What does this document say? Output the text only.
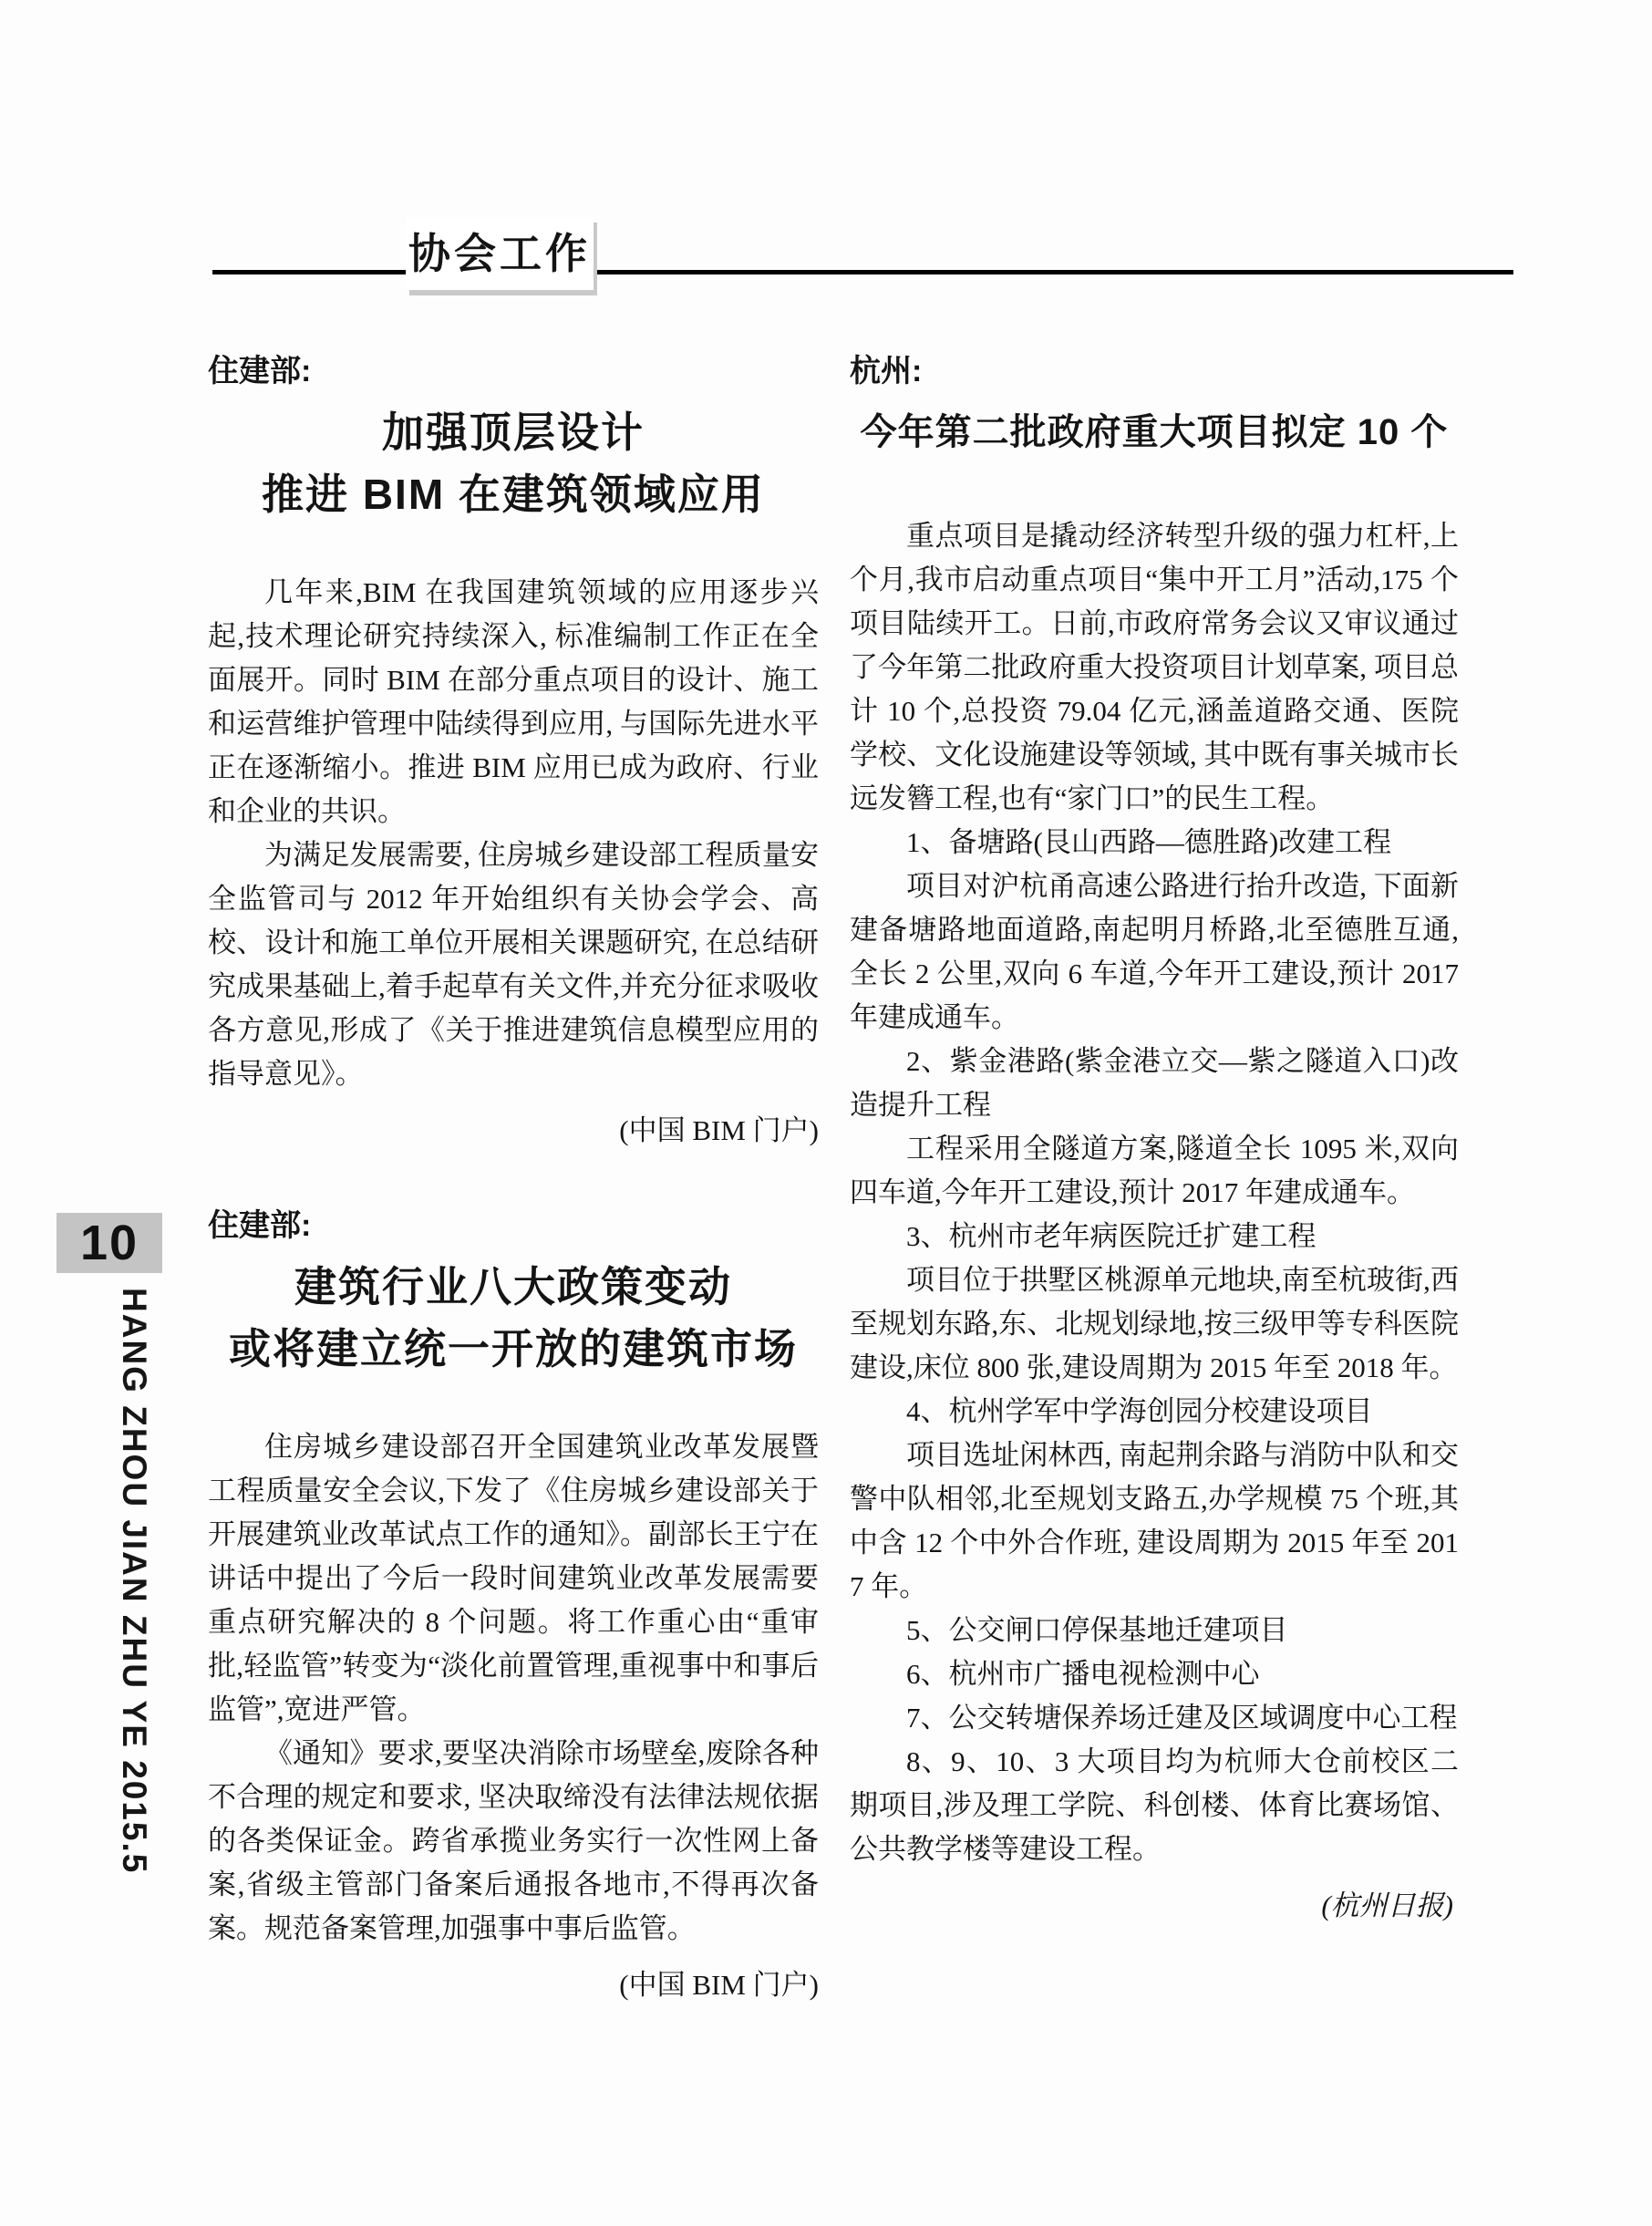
协会工作
10
HANG ZHOU JIAN ZHU YE 2015.5
住建部:
加强顶层设计
推进 BIM 在建筑领域应用

几年来,BIM 在我国建筑领域的应用逐步兴起,技术理论研究持续深入, 标准编制工作正在全面展开。同时 BIM 在部分重点项目的设计、施工和运营维护管理中陆续得到应用, 与国际先进水平正在逐渐缩小。推进 BIM 应用已成为政府、行业和企业的共识。

为满足发展需要, 住房城乡建设部工程质量安全监管司与 2012 年开始组织有关协会学会、高校、设计和施工单位开展相关课题研究, 在总结研究成果基础上,着手起草有关文件,并充分征求吸收各方意见,形成了《关于推进建筑信息模型应用的指导意见》。

(中国 BIM 门户)
住建部:
建筑行业八大政策变动
或将建立统一开放的建筑市场

住房城乡建设部召开全国建筑业改革发展暨工程质量安全会议,下发了《住房城乡建设部关于开展建筑业改革试点工作的通知》。副部长王宁在讲话中提出了今后一段时间建筑业改革发展需要重点研究解决的 8 个问题。将工作重心由“重审批,轻监管”转变为“淡化前置管理,重视事中和事后监管”,宽进严管。

《通知》要求,要坚决消除市场壁垒,废除各种不合理的规定和要求, 坚决取缔没有法律法规依据的各类保证金。跨省承揽业务实行一次性网上备案,省级主管部门备案后通报各地市,不得再次备案。规范备案管理,加强事中事后监管。

(中国 BIM 门户)
杭州:
今年第二批政府重大项目拟定 10 个

重点项目是撬动经济转型升级的强力杠杆,上个月,我市启动重点项目“集中开工月”活动,175 个项目陆续开工。日前,市政府常务会议又审议通过了今年第二批政府重大投资项目计划草案, 项目总计 10 个,总投资 79.04 亿元,涵盖道路交通、医院学校、文化设施建设等领域, 其中既有事关城市长远发簪工程,也有“家门口”的民生工程。

1、备塘路(艮山西路—德胜路)改建工程

项目对沪杭甬高速公路进行抬升改造, 下面新建备塘路地面道路,南起明月桥路,北至德胜互通,全长 2 公里,双向 6 车道,今年开工建设,预计 2017 年建成通车。

2、紫金港路(紫金港立交—紫之隧道入口)改造提升工程

工程采用全隧道方案,隧道全长 1095 米,双向四车道,今年开工建设,预计 2017 年建成通车。

3、杭州市老年病医院迁扩建工程

项目位于拱墅区桃源单元地块,南至杭玻街,西至规划东路,东、北规划绿地,按三级甲等专科医院建设,床位 800 张,建设周期为 2015 年至 2018 年。

4、杭州学军中学海创园分校建设项目

项目选址闲林西, 南起荆余路与消防中队和交警中队相邻,北至规划支路五,办学规模 75 个班,其中含 12 个中外合作班, 建设周期为 2015 年至 2017 年。

5、公交闸口停保基地迁建项目

6、杭州市广播电视检测中心

7、公交转塘保养场迁建及区域调度中心工程

8、9、10、3 大项目均为杭师大仓前校区二期项目,涉及理工学院、科创楼、体育比赛场馆、公共教学楼等建设工程。

(杭州日报)
